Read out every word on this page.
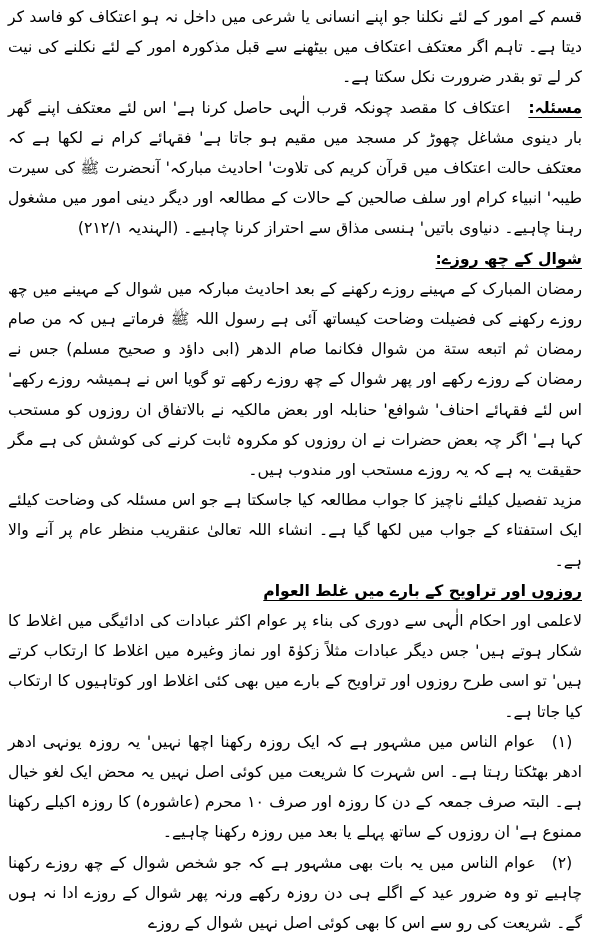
قسم کے امور کے لئے نکلنا جو اپنے انسانی یا شرعی میں داخل نہ ہو اعتکاف کو فاسد کر دیتا ہے۔ تاہم اگر معتکف اعتکاف میں بیٹھنے سے قبل مذکورہ امور کے لئے نکلنے کی نیت کر لے تو بقدر ضرورت نکل سکتا ہے۔

مسئلہ:اعتکاف کا مقصد چونکہ قرب الٰہی حاصل کرنا ہے' اس لئے معتکف اپنے گھر بار دینوی مشاغل چھوڑ کر مسجد میں مقیم ہو جاتا ہے' فقہائے کرام نے لکھا ہے کہ معتکف حالت اعتکاف میں قرآن کریم کی تلاوت' احادیث مبارکہ' آنحضرت ﷺ کی سیرت طیبہ' انبیاء کرام اور سلف صالحین کے حالات کے مطالعہ اور دیگر دینی امور میں مشغول رہنا چاہیے۔ دنیاوی باتیں' ہنسی مذاق سے احتراز کرنا چاہیے۔ (الہندیہ ۲۱۲/۱)

شوال کے چھ روزے:

رمضان المبارک کے مہینے روزے رکھنے کے بعد احادیث مبارکہ میں شوال کے مہینے میں چھ روزے رکھنے کی فضیلت وضاحت کیساتھ آئی ہے رسول اللہ ﷺ فرماتے ہیں کہ من صام رمضان ثم اتبعه ستة من شوال فكانما صام الدهر (ابی داؤد و صحیح مسلم) جس نے رمضان کے روزے رکھے اور پھر شوال کے چھ روزے رکھے تو گویا اس نے ہمیشہ روزے رکھے' اس لئے فقہائے احناف' شوافع' حنابلہ اور بعض مالکیہ نے بالاتفاق ان روزوں کو مستحب کہا ہے' اگر چہ بعض حضرات نے ان روزوں کو مکروہ ثابت کرنے کی کوشش کی ہے مگر حقیقت یہ ہے کہ یہ روزے مستحب اور مندوب ہیں۔

مزید تفصیل کیلئے ناچیز کا جواب مطالعہ کیا جاسکتا ہے جو اس مسئلہ کی وضاحت کیلئے ایک استفتاء کے جواب میں لکھا گیا ہے۔ انشاء اللہ تعالیٰ عنقریب منظر عام پر آنے والا ہے۔

روزوں اور تراویح کے بارے میں غلط العوام

لاعلمی اور احکام الٰہی سے دوری کی بناء پر عوام اکثر عبادات کی ادائیگی میں اغلاط کا شکار ہوتے ہیں' جس دیگر عبادات مثلاً زکوٰۃ اور نماز وغیرہ میں اغلاط کا ارتکاب کرتے ہیں' تو اسی طرح روزوں اور تراویح کے بارے میں بھی کئی اغلاط اور کوتاہیوں کا ارتکاب کیا جاتا ہے۔

(۱) عوام الناس میں مشہور ہے کہ ایک روزہ رکھنا اچھا نہیں' یہ روزہ یونہی ادھر ادھر بھٹکتا رہتا ہے۔ اس شہرت کا شریعت میں کوئی اصل نہیں یہ محض ایک لغو خیال ہے۔ البتہ صرف جمعہ کے دن کا روزہ اور صرف ۱۰ محرم (عاشورہ) کا روزہ اکیلے رکھنا ممنوع ہے' ان روزوں کے ساتھ پہلے یا بعد میں روزہ رکھنا چاہیے۔

(۲) عوام الناس میں یہ بات بھی مشہور ہے کہ جو شخص شوال کے چھ روزے رکھنا چاہیے تو وہ ضرور عید کے اگلے ہی دن روزہ رکھے ورنہ پھر شوال کے روزے ادا نہ ہوں گے۔ شریعت کی رو سے اس کا بھی کوئی اصل نہیں شوال کے روزے
